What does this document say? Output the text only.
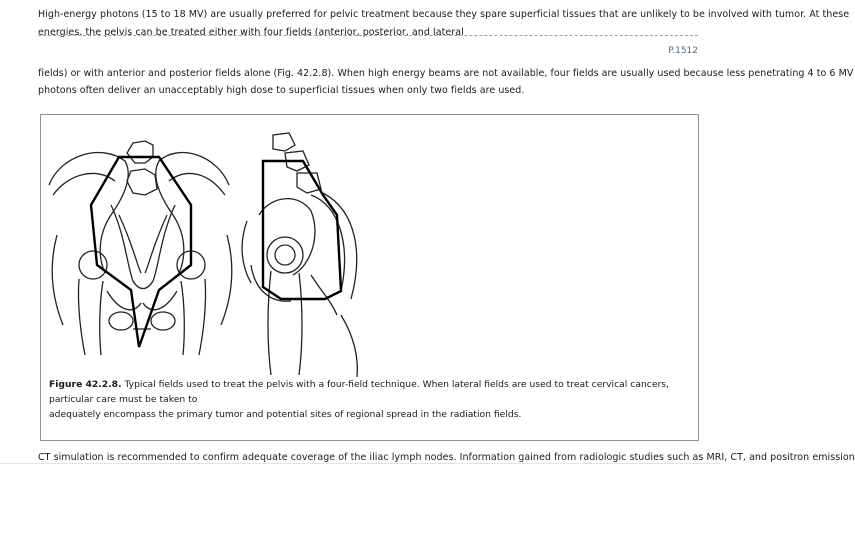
High-energy photons (15 to 18 MV) are usually preferred for pelvic treatment because they spare superficial tissues that are unlikely to be involved with tumor. At these
energies, the pelvis can be treated either with four fields (anterior, posterior, and lateral
P.1512
fields) or with anterior and posterior fields alone (Fig. 42.2.8). When high energy beams are not available, four fields are usually used because less penetrating 4 to 6 MV
photons often deliver an unacceptably high dose to superficial tissues when only two fields are used.
Figure 42.2.8. Typical fields used to treat the pelvis with a four-field technique. When lateral fields are used to treat cervical cancers, particular care must be taken to
adequately encompass the primary tumor and potential sites of regional spread in the radiation fields.
CT simulation is recommended to confirm adequate coverage of the iliac lymph nodes. Information gained from radiologic studies such as MRI, CT, and positron emission
